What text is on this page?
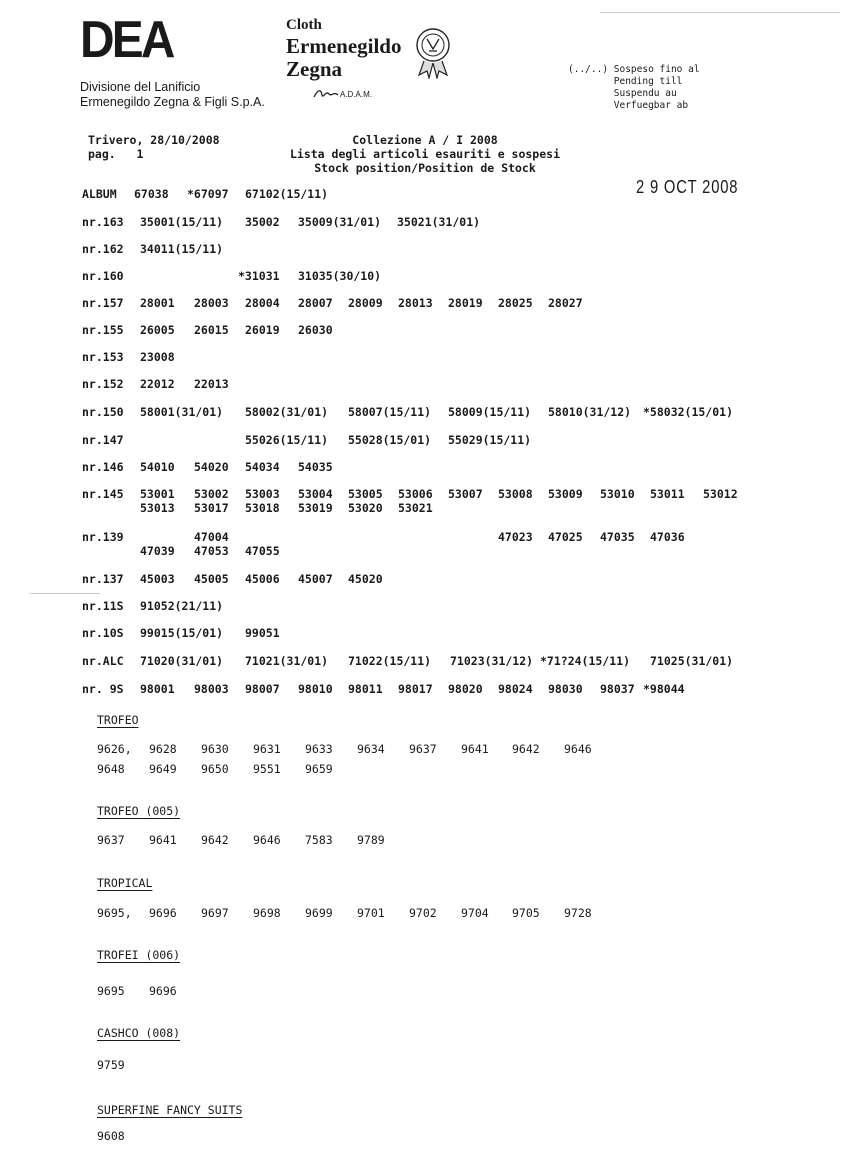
DEA
Divisione del Lanificio
Ermenegildo Zegna & Figli S.p.A.
Cloth
Ermenegildo
Zegna
A.D.A.M.
(../..) Sospeso fino al
Pending till
Suspendu au
Verfuegbar ab
Trivero, 28/10/2008
pag.   1
Collezione A / I 2008
Lista degli articoli esauriti e sospesi
Stock position/Position de Stock
2 9 OCT 2008
ALBUM 67038 *67097 67102(15/11)
nr.163 35001(15/11) 35002 35009(31/01) 35021(31/01)
nr.162 34011(15/11)
nr.160	*31031 31035(30/10)
nr.157 28001 28003 28004 28007 28009 28013 28019 28025 28027
nr.155 26005 26015 26019 26030
nr.153 23008
nr.152 22012 22013
nr.150 58001(31/01) 58002(31/01) 58007(15/11) 58009(15/11) 58010(31/12) *58032(15/01)
nr.147	55026(15/11) 55028(15/01) 55029(15/11)
nr.146 54010 54020 54034 54035
nr.145 53001 53002 53003 53004 53005 53006 53007 53008 53009 53010 53011 53012
53013 53017 53018 53019 53020 53021
nr.139	47004	47023 47025 47035 47036
47039 47053 47055
nr.137 45003 45005 45006 45007 45020
nr.11S 91052(21/11)
nr.10S 99015(15/01) 99051
nr.ALC 71020(31/01) 71021(31/01) 71022(15/11) 71023(31/12) *71?24(15/11) 71025(31/01)
nr. 9S 98001 98003 98007 98010 98011 98017 98020 98024 98030 98037 *98044
TROFEO
9626, 9628 9630 9631 9633 9634 9637 9641 9642 9646
9648 9649 9650 9551 9659
TROFEO (005)
9637 9641 9642 9646 7583 9789
TROPICAL
9695, 9696 9697 9698 9699 9701 9702 9704 9705 9728
TROFEI (006)
9695 9696
CASHCO (008)
9759
SUPERFINE FANCY SUITS
9608
